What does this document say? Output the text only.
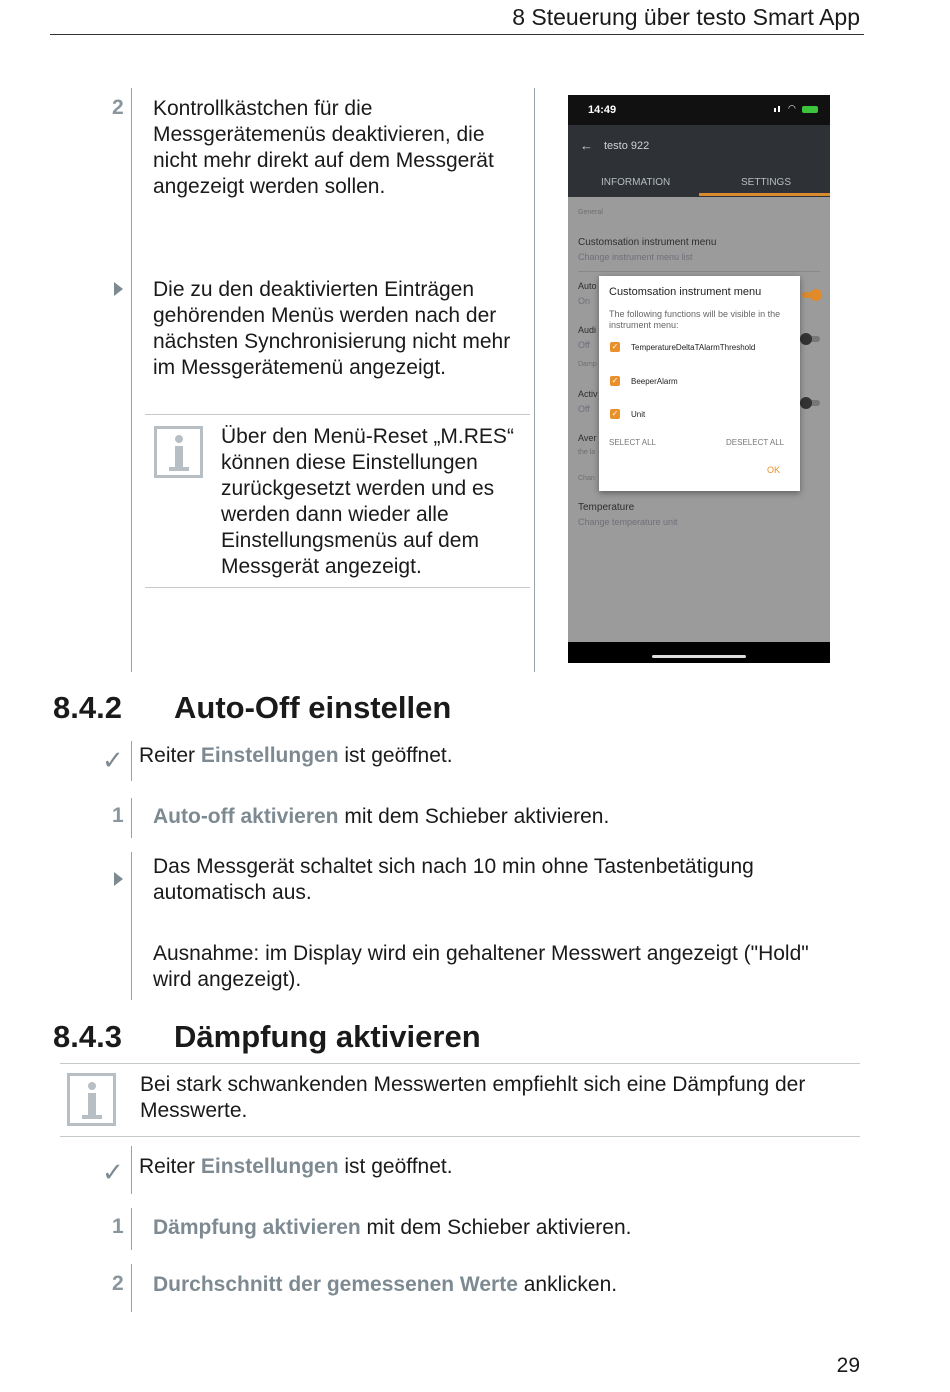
8 Steuerung über testo Smart App
2 Kontrollkästchen für die Messgerätemenüs deaktivieren, die nicht mehr direkt auf dem Messgerät angezeigt werden sollen.
Die zu den deaktivierten Einträgen gehörenden Menüs werden nach der nächsten Synchronisierung nicht mehr im Messgerätemenü angezeigt.
Über den Menü-Reset „M.RES“ können diese Einstellungen zurückgesetzt werden und es werden dann wieder alle Einstellungsmenüs auf dem Messgerät angezeigt.
14:49	◠
← testo 922
INFORMATION	SETTINGS
General
Customsation instrument menu
Change instrument menu list
Auto
On
Audi
Off
Damp
Activ
Off
Aver
the la
Chan
Temperature
Change temperature unit
Customsation instrument menu
The following functions will be visible in the instrument menu:
✓ TemperatureDeltaTAlarmThreshold
✓ BeeperAlarm
✓ Unit
SELECT ALL	DESELECT ALL
OK
8.4.2 Auto-Off einstellen
✓ Reiter Einstellungen ist geöffnet.
1 Auto-off aktivieren mit dem Schieber aktivieren.
Das Messgerät schaltet sich nach 10 min ohne Tastenbetätigung automatisch aus.
Ausnahme: im Display wird ein gehaltener Messwert angezeigt ("Hold" wird angezeigt).
8.4.3 Dämpfung aktivieren
Bei stark schwankenden Messwerten empfiehlt sich eine Dämpfung der Messwerte.
✓ Reiter Einstellungen ist geöffnet.
1 Dämpfung aktivieren mit dem Schieber aktivieren.
2 Durchschnitt der gemessenen Werte anklicken.
29
